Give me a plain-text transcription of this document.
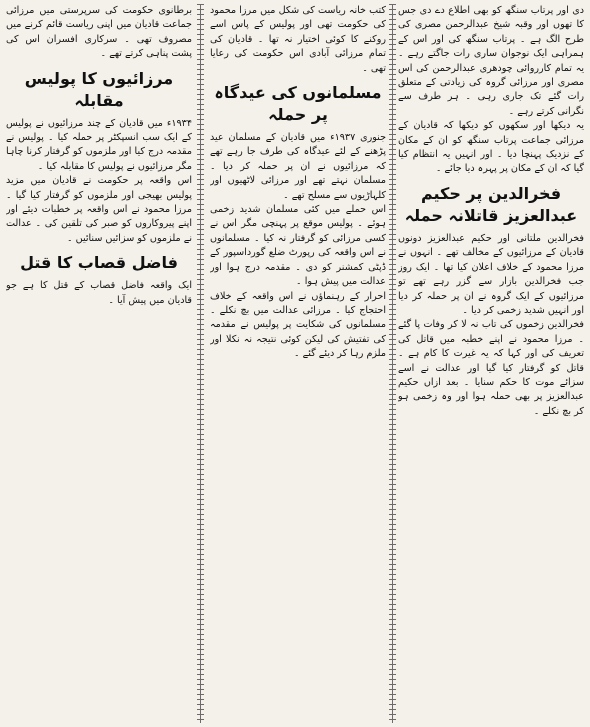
دی اور پرتاب سنگھ کو بھی اطلاع دے دی جس کا تھوں اور وقبہ شیخ عبدالرحمن مصری کی طرح الگ ہے ۔ پرتاب سنگھ کی اور اس کے ہمراہی ایک نوجوان ساری رات جاگتے رہے ۔ یہ تمام کارروائی چودھری عبدالرحمن کی اس مصری اور مرزائی گروہ کی زیادتی کے متعلق رات گئے تک جاری رہی ۔ ہر طرف سے نگرانی کرتے رہے ۔

یہ دیکھا اور سکھوں کو دیکھا کہ قادیان کے مرزائی جماعت پرتاب سنگھ کو ان کے مکان کے نزدیک پہنچا دیا ۔ اور انہیں یہ انتظام کیا گیا کہ ان کے مکان پر پہرہ دیا جائے ۔

فخرالدین پر حکیم عبدالعزیز قاتلانہ حملہ

فخرالدین ملتانی اور حکیم عبدالعزیز دونوں قادیان کے مرزائیوں کے مخالف تھے ۔ انہوں نے مرزا محمود کے خلاف اعلان کیا تھا ۔ ایک روز جب فخرالدین بازار سے گزر رہے تھے تو مرزائیوں کے ایک گروہ نے ان پر حملہ کر دیا اور انہیں شدید زخمی کر دیا ۔

فخرالدین زخموں کی تاب نہ لا کر وفات پا گئے ۔ مرزا محمود نے اپنے خطبہ میں قاتل کی تعریف کی اور کہا کہ یہ غیرت کا کام ہے ۔ قاتل کو گرفتار کیا گیا اور عدالت نے اسے سزائے موت کا حکم سنایا ۔ بعد ازاں حکیم عبدالعزیز پر بھی حملہ ہوا اور وہ زخمی ہو کر بچ نکلے ۔

کتب خانہ ریاست کی شکل میں مرزا محمود کی حکومت تھی اور پولیس کے پاس اسے روکنے کا کوئی اختیار نہ تھا ۔ قادیان کی تمام مرزائی آبادی اس حکومت کی رعایا تھی ۔

مسلمانوں کی عیدگاہ پر حملہ

جنوری ۱۹۳۷ء میں قادیان کے مسلمان عید پڑھنے کے لئے عیدگاہ کی طرف جا رہے تھے کہ مرزائیوں نے ان پر حملہ کر دیا ۔ مسلمان نہتے تھے اور مرزائی لاٹھیوں اور کلہاڑیوں سے مسلح تھے ۔

اس حملے میں کئی مسلمان شدید زخمی ہوئے ۔ پولیس موقع پر پہنچی مگر اس نے کسی مرزائی کو گرفتار نہ کیا ۔ مسلمانوں نے اس واقعہ کی رپورٹ ضلع گورداسپور کے ڈپٹی کمشنر کو دی ۔ مقدمہ درج ہوا اور عدالت میں پیش ہوا ۔

احرار کے رہنماؤں نے اس واقعہ کے خلاف احتجاج کیا ۔ مرزائی عدالت میں بچ نکلے ۔ مسلمانوں کی شکایت پر پولیس نے مقدمہ کی تفتیش کی لیکن کوئی نتیجہ نہ نکلا اور ملزم رہا کر دیئے گئے ۔

برطانوی حکومت کی سرپرستی میں مرزائی جماعت قادیان میں اپنی ریاست قائم کرنے میں مصروف تھی ۔ سرکاری افسران اس کی پشت پناہی کرتے تھے ۔

مرزائیوں کا پولیس مقابلہ

۱۹۳۴ء میں قادیان کے چند مرزائیوں نے پولیس کے ایک سب انسپکٹر پر حملہ کیا ۔ پولیس نے مقدمہ درج کیا اور ملزموں کو گرفتار کرنا چاہا مگر مرزائیوں نے پولیس کا مقابلہ کیا ۔

اس واقعہ پر حکومت نے قادیان میں مزید پولیس بھیجی اور ملزموں کو گرفتار کیا گیا ۔ مرزا محمود نے اس واقعہ پر خطبات دیئے اور اپنے پیروکاروں کو صبر کی تلقین کی ۔ عدالت نے ملزموں کو سزائیں سنائیں ۔

فاضل قصاب کا قتل

ایک واقعہ فاضل قصاب کے قتل کا ہے جو قادیان میں پیش آیا ۔
